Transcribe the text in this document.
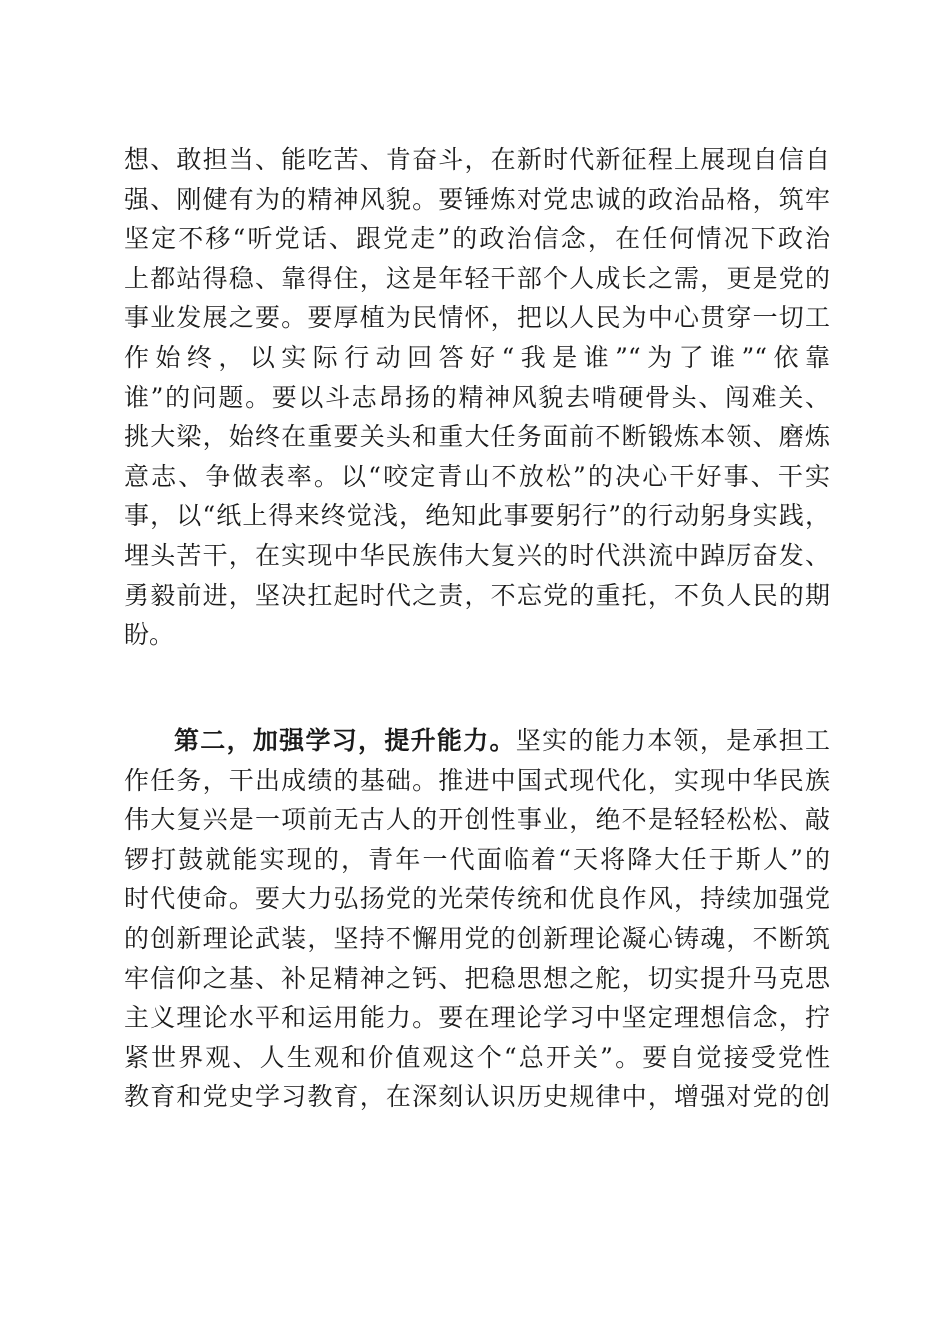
想、敢担当、能吃苦、肯奋斗，在新时代新征程上展现自信自
强、刚健有为的精神风貌。要锤炼对党忠诚的政治品格，筑牢
坚定不移“听党话、跟党走”的政治信念，在任何情况下政治
上都站得稳、靠得住，这是年轻干部个人成长之需，更是党的
事业发展之要。要厚植为民情怀，把以人民为中心贯穿一切工
作始终，以实际行动回答好“我是谁”“为了谁”“依靠
谁”的问题。要以斗志昂扬的精神风貌去啃硬骨头、闯难关、
挑大梁，始终在重要关头和重大任务面前不断锻炼本领、磨炼
意志、争做表率。以“咬定青山不放松”的决心干好事、干实
事，以“纸上得来终觉浅，绝知此事要躬行”的行动躬身实践，
埋头苦干，在实现中华民族伟大复兴的时代洪流中踔厉奋发、
勇毅前进，坚决扛起时代之责，不忘党的重托，不负人民的期
盼。
第二，加强学习，提升能力。坚实的能力本领，是承担工
作任务，干出成绩的基础。推进中国式现代化，实现中华民族
伟大复兴是一项前无古人的开创性事业，绝不是轻轻松松、敲
锣打鼓就能实现的，青年一代面临着“天将降大任于斯人”的
时代使命。要大力弘扬党的光荣传统和优良作风，持续加强党
的创新理论武装，坚持不懈用党的创新理论凝心铸魂，不断筑
牢信仰之基、补足精神之钙、把稳思想之舵，切实提升马克思
主义理论水平和运用能力。要在理论学习中坚定理想信念，拧
紧世界观、人生观和价值观这个“总开关”。要自觉接受党性
教育和党史学习教育，在深刻认识历史规律中，增强对党的创
